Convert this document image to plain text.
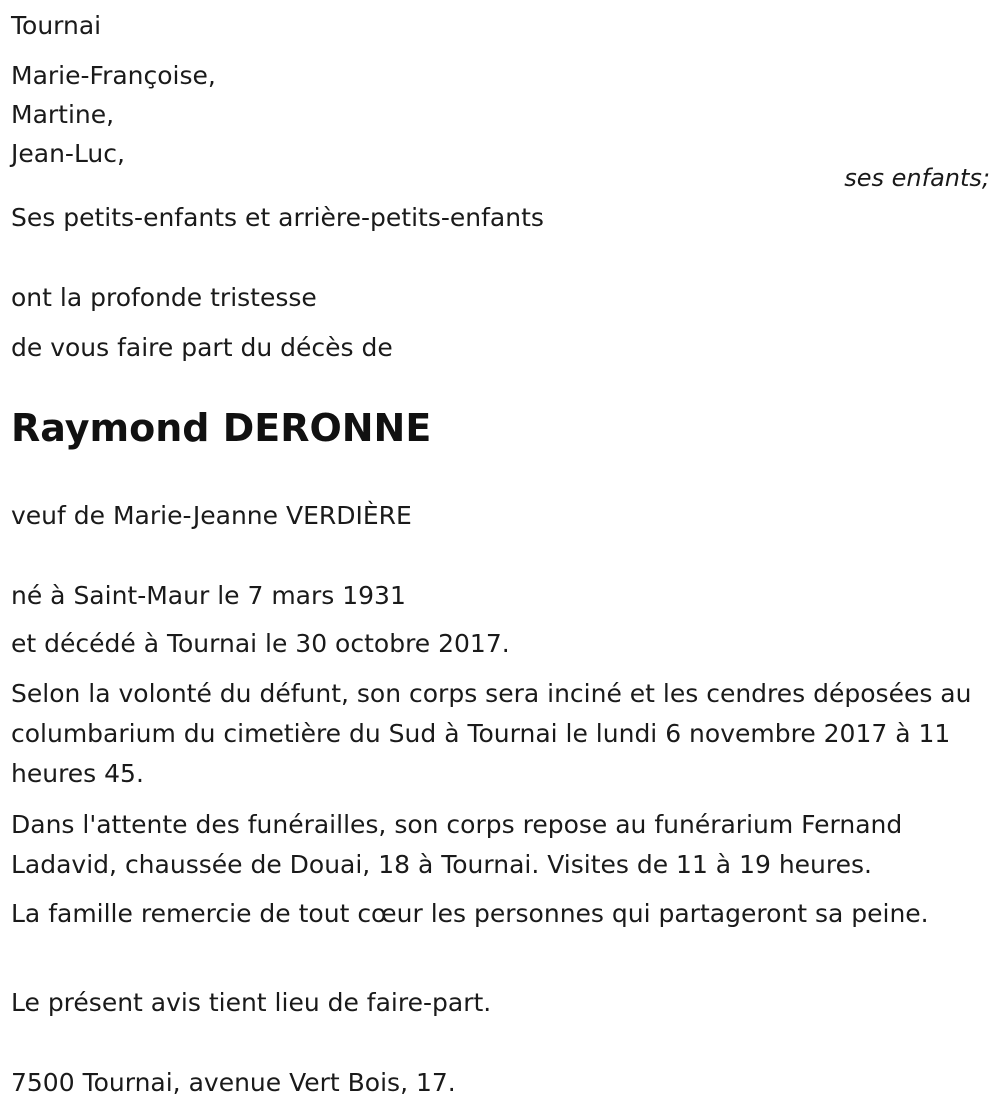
Tournai

Marie-Françoise,

Martine,

Jean-Luc,

ses enfants;

Ses petits-enfants et arrière-petits-enfants

ont la profonde tristesse

de vous faire part du décès de

Raymond DERONNE

veuf de Marie-Jeanne VERDIÈRE

né à Saint-Maur le 7 mars 1931

et décédé à Tournai le 30 octobre 2017.

Selon la volonté du défunt, son corps sera inciné et les cendres déposées au columbarium du cimetière du Sud à Tournai le lundi 6 novembre 2017 à 11 heures 45.

Dans l'attente des funérailles, son corps repose au funérarium Fernand Ladavid, chaussée de Douai, 18 à Tournai. Visites de 11 à 19 heures.

La famille remercie de tout cœur les personnes qui partageront sa peine.

Le présent avis tient lieu de faire-part.

7500 Tournai, avenue Vert Bois, 17.
